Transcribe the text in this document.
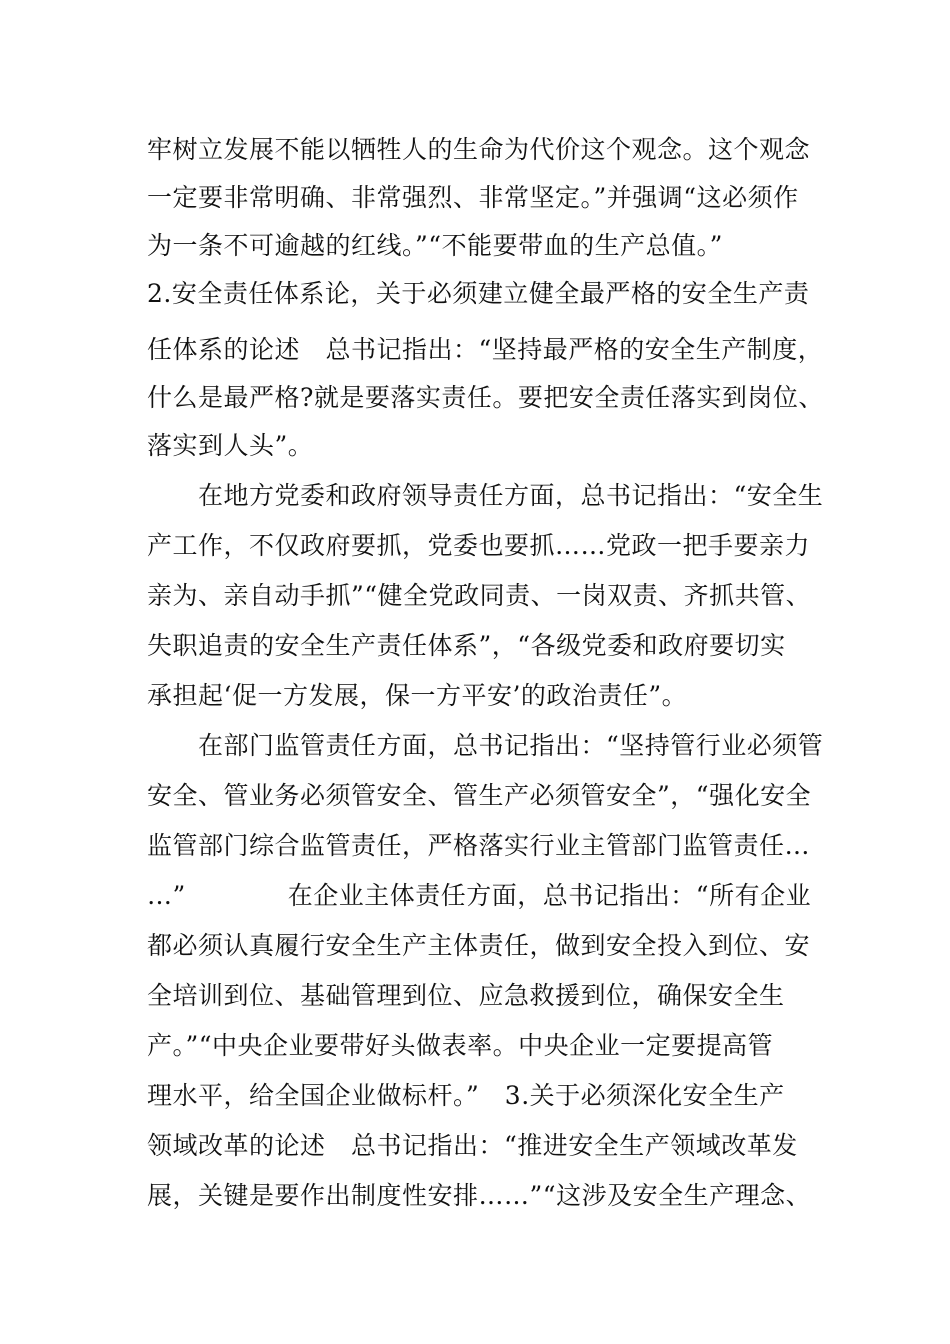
牢树立发展不能以牺牲人的生命为代价这个观念。这个观念
一定要非常明确、非常强烈、非常坚定。”并强调“这必须作
为一条不可逾越的红线。”“不能要带血的生产总值。”
2.安全责任体系论，关于必须建立健全最严格的安全生产责
任体系的论述　总书记指出：“坚持最严格的安全生产制度，
什么是最严格?就是要落实责任。要把安全责任落实到岗位、
落实到人头”。
　　在地方党委和政府领导责任方面，总书记指出：“安全生
产工作，不仅政府要抓，党委也要抓……党政一把手要亲力
亲为、亲自动手抓”“健全党政同责、一岗双责、齐抓共管、
失职追责的安全生产责任体系”，“各级党委和政府要切实
承担起‘促一方发展，保一方平安’的政治责任”。
　　在部门监管责任方面，总书记指出：“坚持管行业必须管
安全、管业务必须管安全、管生产必须管安全”，“强化安全
监管部门综合监管责任，严格落实行业主管部门监管责任…
…”　　　　在企业主体责任方面，总书记指出：“所有企业
都必须认真履行安全生产主体责任，做到安全投入到位、安
全培训到位、基础管理到位、应急救援到位，确保安全生
产。”“中央企业要带好头做表率。中央企业一定要提高管
理水平，给全国企业做标杆。”　3.关于必须深化安全生产
领域改革的论述　总书记指出：“推进安全生产领域改革发
展，关键是要作出制度性安排……”“这涉及安全生产理念、
